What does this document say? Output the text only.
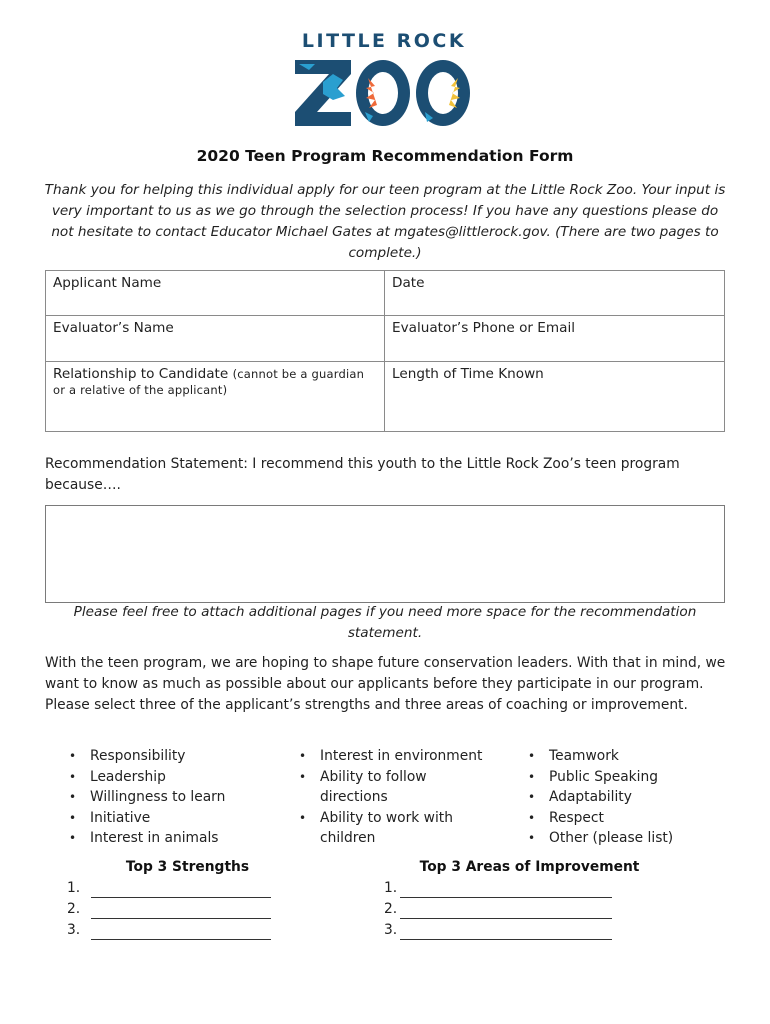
LITTLE ROCK
2020 Teen Program Recommendation Form
Thank you for helping this individual apply for our teen program at the Little Rock Zoo. Your input is very important to us as we go through the selection process! If you have any questions please do not hesitate to contact Educator Michael Gates at mgates@littlerock.gov. (There are two pages to complete.)
Applicant Name	Date
Evaluator’s Name	Evaluator’s Phone or Email
Relationship to Candidate (cannot be a guardian or a relative of the applicant)	Length of Time Known
Recommendation Statement: I recommend this youth to the Little Rock Zoo’s teen program because….
Please feel free to attach additional pages if you need more space for the recommendation statement.
With the teen program, we are hoping to shape future conservation leaders. With that in mind, we want to know as much as possible about our applicants before they participate in our program. Please select three of the applicant’s strengths and three areas of coaching or improvement.
• Responsibility
• Leadership
• Willingness to learn
• Initiative
• Interest in animals
• Interest in environment
• Ability to follow directions
• Ability to work with children
• Teamwork
• Public Speaking
• Adaptability
• Respect
• Other (please list)
Top 3 Strengths	Top 3 Areas of Improvement
1.
2.
3.
1.
2.
3.
